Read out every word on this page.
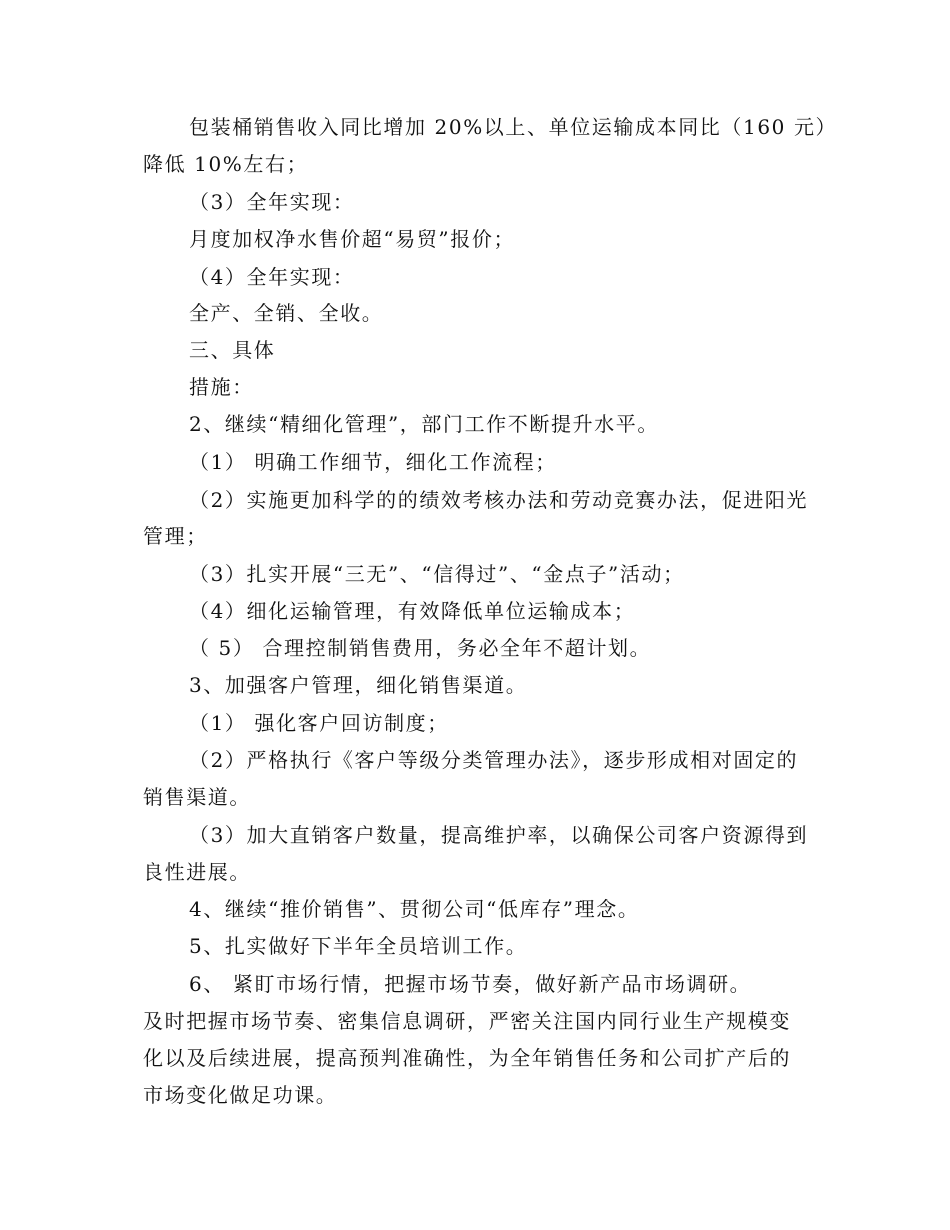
包装桶销售收入同比增加 20%以上、单位运输成本同比（160 元）
降低 10%左右；
（3）全年实现：
月度加权净水售价超“易贸”报价；
（4）全年实现：
全产、全销、全收。
三、具体
措施：
2、继续“精细化管理”，部门工作不断提升水平。
（1） 明确工作细节，细化工作流程；
（2）实施更加科学的的绩效考核办法和劳动竞赛办法，促进阳光
管理；
（3）扎实开展“三无”、“信得过”、“金点子”活动；
（4）细化运输管理，有效降低单位运输成本；
（ 5） 合理控制销售费用，务必全年不超计划。
3、加强客户管理，细化销售渠道。
（1） 强化客户回访制度；
（2）严格执行《客户等级分类管理办法》，逐步形成相对固定的
销售渠道。
（3）加大直销客户数量，提高维护率，以确保公司客户资源得到
良性进展。
4、继续“推价销售”、贯彻公司“低库存”理念。
5、扎实做好下半年全员培训工作。
6、 紧盯市场行情，把握市场节奏，做好新产品市场调研。
及时把握市场节奏、密集信息调研，严密关注国内同行业生产规模变
化以及后续进展，提高预判准确性，为全年销售任务和公司扩产后的
市场变化做足功课。
